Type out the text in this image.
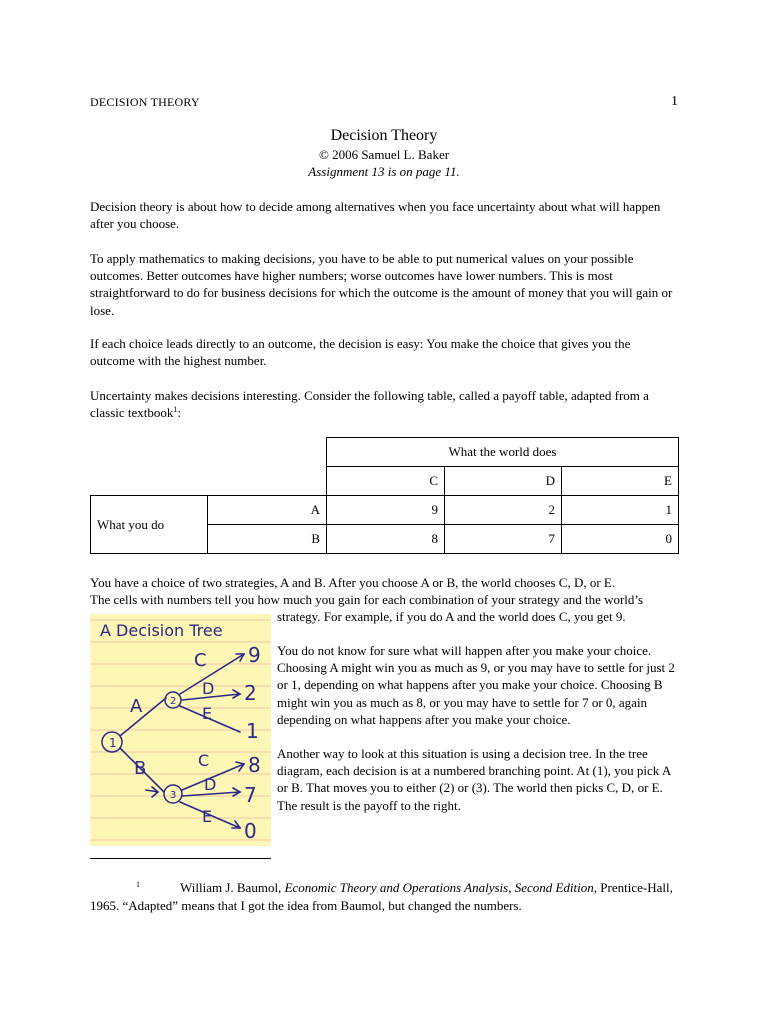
DECISION THEORY	1
Decision Theory
© 2006 Samuel L. Baker
Assignment 13 is on page 11.

Decision theory is about how to decide among alternatives when you face uncertainty about what will happen after you choose.

To apply mathematics to making decisions, you have to be able to put numerical values on your possible outcomes. Better outcomes have higher numbers; worse outcomes have lower numbers. This is most straightforward to do for business decisions for which the outcome is the amount of money that you will gain or lose.

If each choice leads directly to an outcome, the decision is easy: You make the choice that gives you the outcome with the highest number.

Uncertainty makes decisions interesting. Consider the following table, called a payoff table, adapted from a classic textbook$^1$:

		What the world does		
		C	D	E
What you do	A	9	2	1
	B	8	7	0

You have a choice of two strategies, A and B. After you choose A or B, the world chooses C, D, or E.

The cells with numbers tell you how much you gain for each combination of your strategy and the world’s

strategy. For example, if you do A and the world does C, you get 9.

A Decision Tree
1
2
3
A
B
C
D
E
C
D
E
9
2
1
8
7
0

You do not know for sure what will happen after you make your choice. Choosing A might win you as much as 9, or you may have to settle for just 2 or 1, depending on what happens after you make your choice. Choosing B might win you as much as 8, or you may have to settle for 7 or 0, again depending on what happens after you make your choice.

Another way to look at this situation is using a decision tree. In the tree diagram, each decision is at a numbered branching point. At (1), you pick A or B. That moves you to either (2) or (3). The world then picks C, D, or E. The result is the payoff to the right.

1	William J. Baumol, Economic Theory and Operations Analysis, Second Edition, Prentice-Hall, 1965. “Adapted” means that I got the idea from Baumol, but changed the numbers.
